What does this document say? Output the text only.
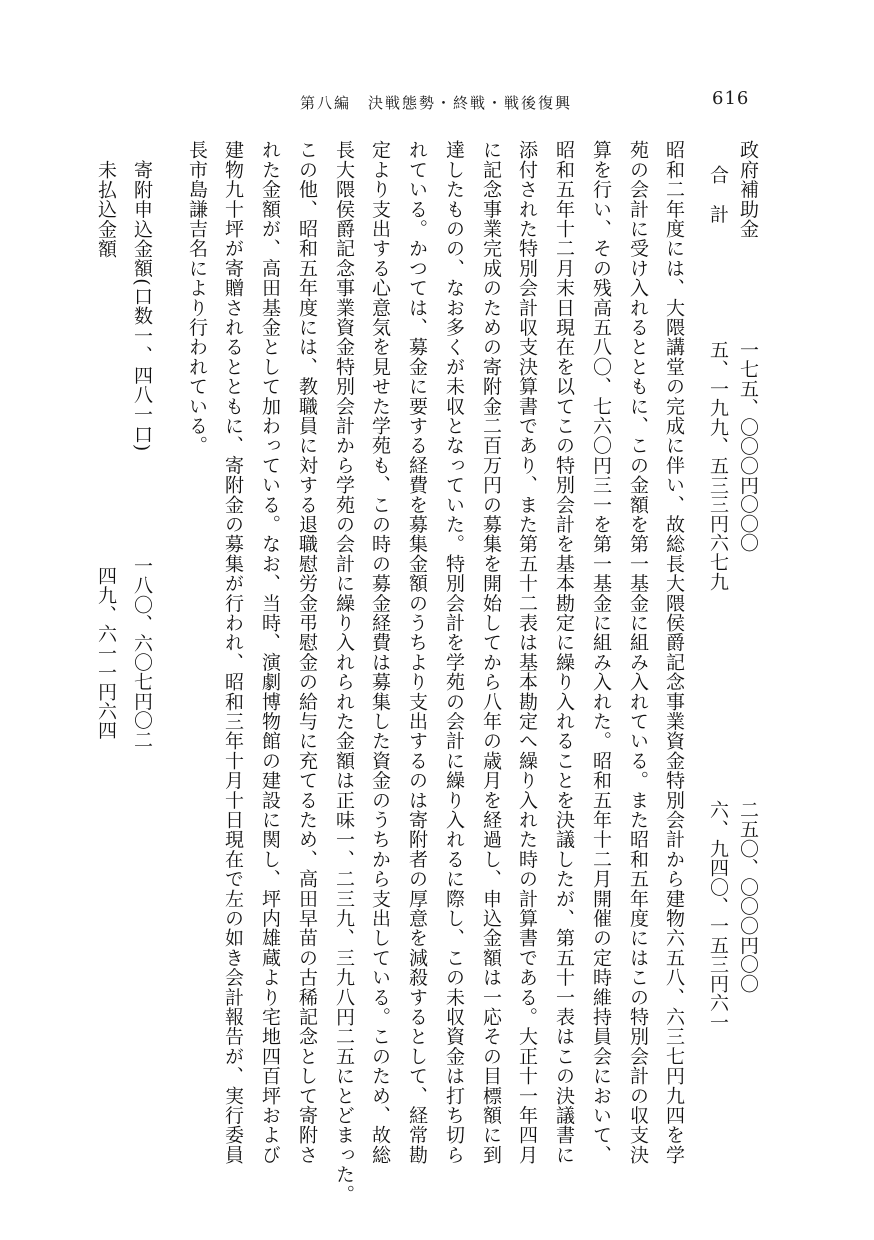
第八編　決戦態勢・終戦・戦後復興	616
政府補助金
一七五、〇〇〇円〇〇〇
二五〇、〇〇〇円〇〇
合　計
五、一九九、五三三円六七九
六、九四〇、一五三円六一
昭和二年度には、大隈講堂の完成に伴い、故総長大隈侯爵記念事業資金特別会計から建物六五八、六三七円九四を学
苑の会計に受け入れるとともに、この金額を第一基金に組み入れている。また昭和五年度にはこの特別会計の収支決
算を行い、その残高五八〇、七六〇円三一を第一基金に組み入れた。昭和五年十二月開催の定時維持員会において、
昭和五年十二月末日現在を以てこの特別会計を基本勘定に繰り入れることを決議したが、第五十一表はこの決議書に
添付された特別会計収支決算書であり、また第五十二表は基本勘定へ繰り入れた時の計算書である。大正十一年四月
に記念事業完成のための寄附金二百万円の募集を開始してから八年の歳月を経過し、申込金額は一応その目標額に到
達したものの、なお多くが未収となっていた。特別会計を学苑の会計に繰り入れるに際し、この未収資金は打ち切ら
れている。かつては、募金に要する経費を募集金額のうちより支出するのは寄附者の厚意を減殺するとして、経常勘
定より支出する心意気を見せた学苑も、この時の募金経費は募集した資金のうちから支出している。このため、故総
長大隈侯爵記念事業資金特別会計から学苑の会計に繰り入れられた金額は正味一、二三九、三九八円二五にとどまった。
この他、昭和五年度には、教職員に対する退職慰労金弔慰金の給与に充てるため、高田早苗の古稀記念として寄附さ
れた金額が、高田基金として加わっている。なお、当時、演劇博物館の建設に関し、坪内雄蔵より宅地四百坪および
建物九十坪が寄贈されるとともに、寄附金の募集が行われ、昭和三年十月十日現在で左の如き会計報告が、実行委員
長市島謙吉名により行われている。
寄附申込金額(口数一、四八一口)
一八〇、六〇七円〇二
未払込金額
四九、六一一円六四
